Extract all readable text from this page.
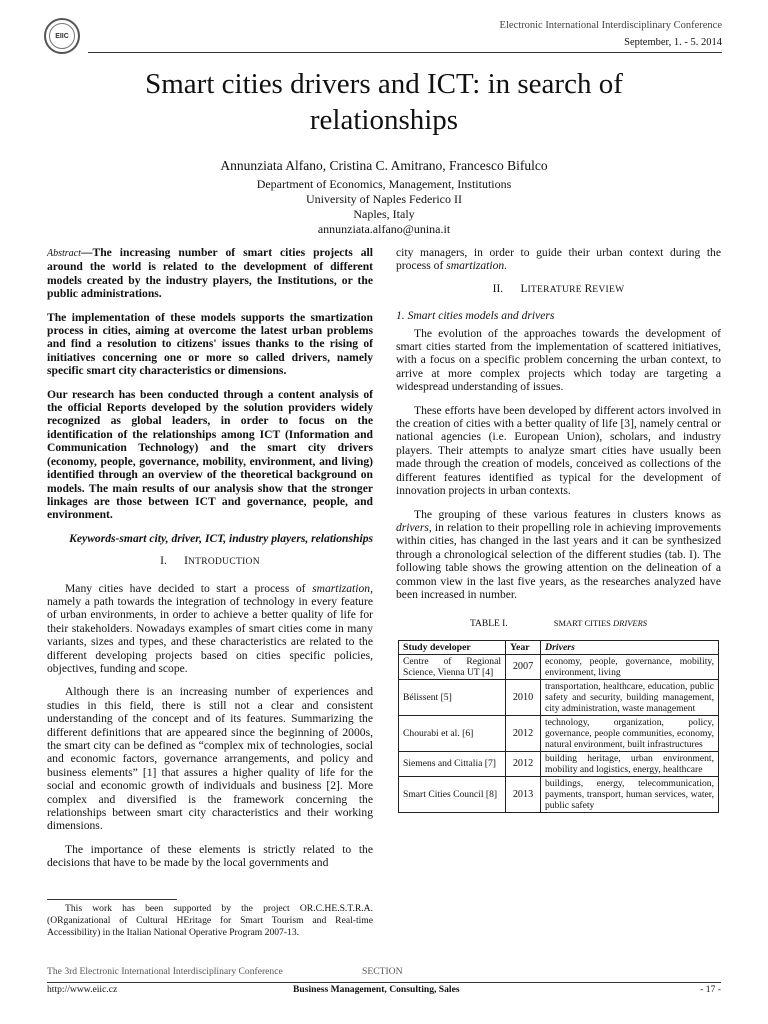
EIIC
Electronic International Interdisciplinary Conference
September, 1. - 5. 2014
Smart cities drivers and ICT: in search of relationships
Annunziata Alfano, Cristina C. Amitrano, Francesco Bifulco
Department of Economics, Management, Institutions
University of Naples Federico II
Naples, Italy
annunziata.alfano@unina.it

Abstract—The increasing number of smart cities projects all around the world is related to the development of different models created by the industry players, the Institutions, or the public administrations.

The implementation of these models supports the smartization process in cities, aiming at overcome the latest urban problems and find a resolution to citizens' issues thanks to the rising of initiatives concerning one or more so called drivers, namely specific smart city characteristics or dimensions.

Our research has been conducted through a content analysis of the official Reports developed by the solution providers widely recognized as global leaders, in order to focus on the identification of the relationships among ICT (Information and Communication Technology) and the smart city drivers (economy, people, governance, mobility, environment, and living) identified through an overview of the theoretical background on models. The main results of our analysis show that the stronger linkages are those between ICT and governance, people, and environment.

Keywords-smart city, driver, ICT, industry players, relationships

I. INTRODUCTION

Many cities have decided to start a process of smartization, namely a path towards the integration of technology in every feature of urban environments, in order to achieve a better quality of life for their stakeholders. Nowadays examples of smart cities come in many variants, sizes and types, and these characteristics are related to the different developing projects based on cities specific policies, objectives, funding and scope.

Although there is an increasing number of experiences and studies in this field, there is still not a clear and consistent understanding of the concept and of its features. Summarizing the different definitions that are appeared since the beginning of 2000s, the smart city can be defined as “complex mix of technologies, social and economic factors, governance arrangements, and policy and business elements” [1] that assures a higher quality of life for the social and economic growth of individuals and business [2]. More complex and diversified is the framework concerning the relationships between smart city characteristics and their working dimensions.

The importance of these elements is strictly related to the decisions that have to be made by the local governments and

city managers, in order to guide their urban context during the process of smartization.

II. LITERATURE REVIEW

1. Smart cities models and drivers

The evolution of the approaches towards the development of smart cities started from the implementation of scattered initiatives, with a focus on a specific problem concerning the urban context, to arrive at more complex projects which today are targeting a widespread understanding of issues.

These efforts have been developed by different actors involved in the creation of cities with a better quality of life [3], namely central or national agencies (i.e. European Union), scholars, and industry players. Their attempts to analyze smart cities have usually been made through the creation of models, conceived as collections of the different features identified as typical for the development of innovation projects in urban contexts.

The grouping of these various features in clusters knows as drivers, in relation to their propelling role in achieving improvements within cities, has changed in the last years and it can be synthesized through a chronological selection of the different studies (tab. I). The following table shows the growing attention on the delineation of a common view in the last five years, as the researches analyzed have been increased in number.

TABLE I.	SMART CITIES DRIVERS

Study developer	Year	Drivers
Centre of Regional Science, Vienna UT [4]	2007	economy, people, governance, mobility, environment, living
Bélissent [5]	2010	transportation, healthcare, education, public safety and security, building management, city administration, waste management
Chourabi et al. [6]	2012	technology, organization, policy, governance, people communities, economy, natural environment, built infrastructures
Siemens and Cittalia [7]	2012	building heritage, urban environment, mobility and logistics, energy, healthcare
Smart Cities Council [8]	2013	buildings, energy, telecommunication, payments, transport, human services, water, public safety
This work has been supported by the project OR.C.HE.S.T.R.A. (ORganizational of Cultural HEritage for Smart Tourism and Real-time Accessibility) in the Italian National Operative Program 2007-13.
The 3rd Electronic International Interdisciplinary Conference	SECTION
http://www.eiic.cz	Business Management, Consulting, Sales	- 17 -
